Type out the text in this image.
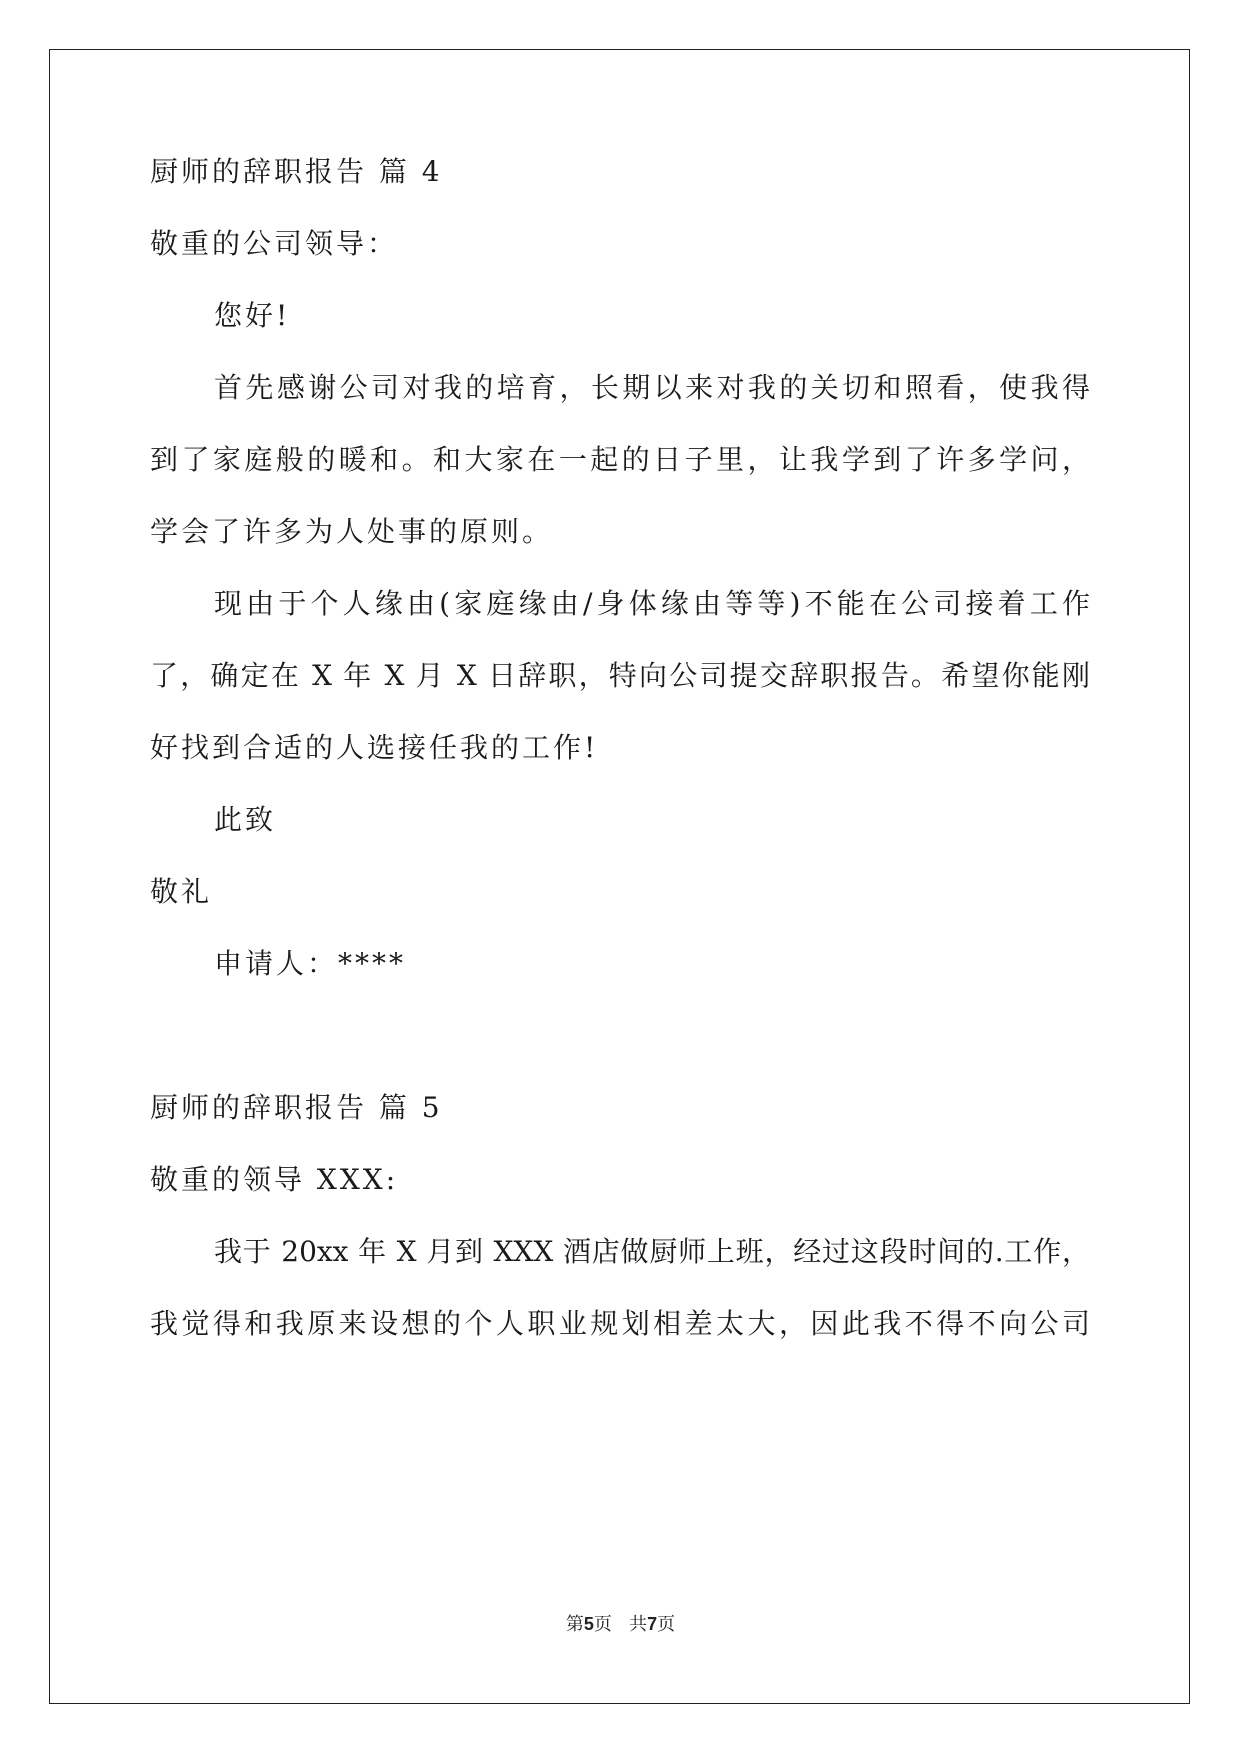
厨师的辞职报告 篇 4
敬重的公司领导：
您好!
首先感谢公司对我的培育，长期以来对我的关切和照看，使我得
到了家庭般的暖和。和大家在一起的日子里，让我学到了许多学问，
学会了许多为人处事的原则。
现由于个人缘由(家庭缘由/身体缘由等等)不能在公司接着工作
了，确定在 X 年 X 月 X 日辞职，特向公司提交辞职报告。希望你能刚
好找到合适的人选接任我的工作!
此致
敬礼
申请人：****
厨师的辞职报告 篇 5
敬重的领导 XXX:
我于 20xx 年 X 月到 XXX 酒店做厨师上班，经过这段时间的.工作，
我觉得和我原来设想的个人职业规划相差太大，因此我不得不向公司
第5页 共7页
